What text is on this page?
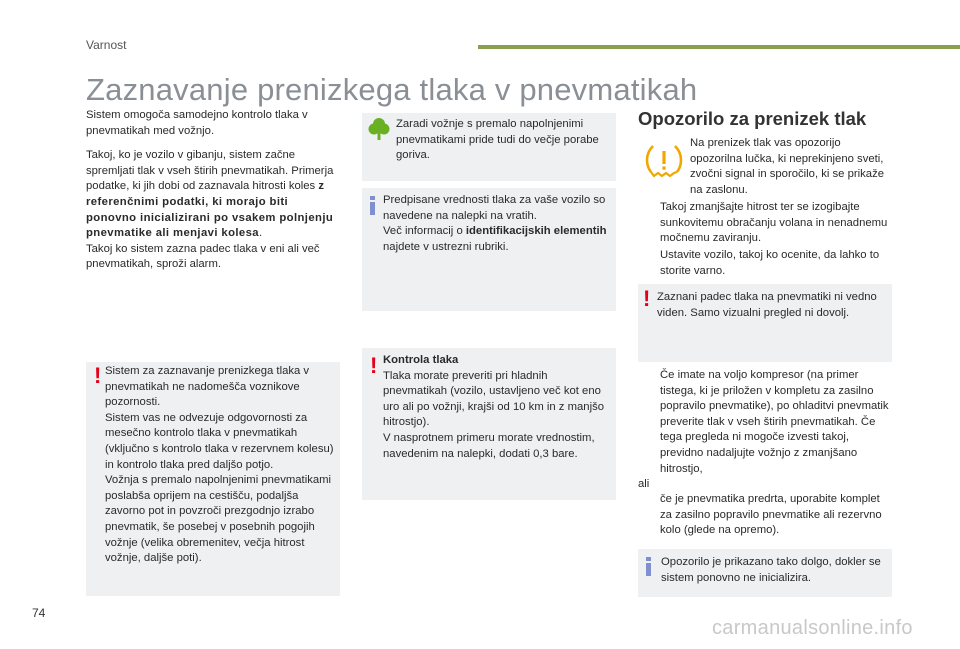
Varnost
Zaznavanje prenizkega tlaka v pnevmatikah

Sistem omogoča samodejno kontrolo tlaka v pnevmatikah med vožnjo.

Takoj, ko je vozilo v gibanju, sistem začne spremljati tlak v vseh štirih pnevmatikah. Primerja podatke, ki jih dobi od zaznavala hitrosti koles z referenčnimi podatki, ki morajo biti ponovno inicializirani po vsakem polnjenju pnevmatike ali menjavi kolesa.

Takoj ko sistem zazna padec tlaka v eni ali več pnevmatikah, sproži alarm.

! Sistem za zaznavanje prenizkega tlaka v pnevmatikah ne nadomešča voznikove pozornosti.
Sistem vas ne odvezuje odgovornosti za mesečno kontrolo tlaka v pnevmatikah (vključno s kontrolo tlaka v rezervnem kolesu) in kontrolo tlaka pred daljšo potjo.
Vožnja s premalo napolnjenimi pnevmatikami poslabša oprijem na cestišču, podaljša zavorno pot in povzroči prezgodnjo izrabo pnevmatik, še posebej v posebnih pogojih vožnje (velika obremenitev, večja hitrost vožnje, daljše poti).
Zaradi vožnje s premalo napolnjenimi pnevmatikami pride tudi do večje porabe goriva.
Predpisane vrednosti tlaka za vaše vozilo so navedene na nalepki na vratih.
Več informacij o identifikacijskih elementih najdete v ustrezni rubriki.
! Kontrola tlaka
Tlaka morate preveriti pri hladnih pnevmatikah (vozilo, ustavljeno več kot eno uro ali po vožnji, krajši od 10 km in z manjšo hitrostjo).
V nasprotnem primeru morate vrednostim, navedenim na nalepki, dodati 0,3 bare.
Opozorilo za prenizek tlak
Na prenizek tlak vas opozorijo opozorilna lučka, ki neprekinjeno sveti, zvočni signal in sporočilo, ki se prikaže na zaslonu.
Takoj zmanjšajte hitrost ter se izogibajte sunkovitemu obračanju volana in nenadnemu močnemu zaviranju.
Ustavite vozilo, takoj ko ocenite, da lahko to storite varno.
! Zaznani padec tlaka na pnevmatiki ni vedno viden. Samo vizualni pregled ni dovolj.
Če imate na voljo kompresor (na primer tistega, ki je priložen v kompletu za zasilno popravilo pnevmatike), po ohladitvi pnevmatik preverite tlak v vseh štirih pnevmatikah. Če tega pregleda ni mogoče izvesti takoj, previdno nadaljujte vožnjo z zmanjšano hitrostjo,
ali
če je pnevmatika predrta, uporabite komplet za zasilno popravilo pnevmatike ali rezervno kolo (glede na opremo).
Opozorilo je prikazano tako dolgo, dokler se sistem ponovno ne inicializira.
74
carmanualsonline.info
